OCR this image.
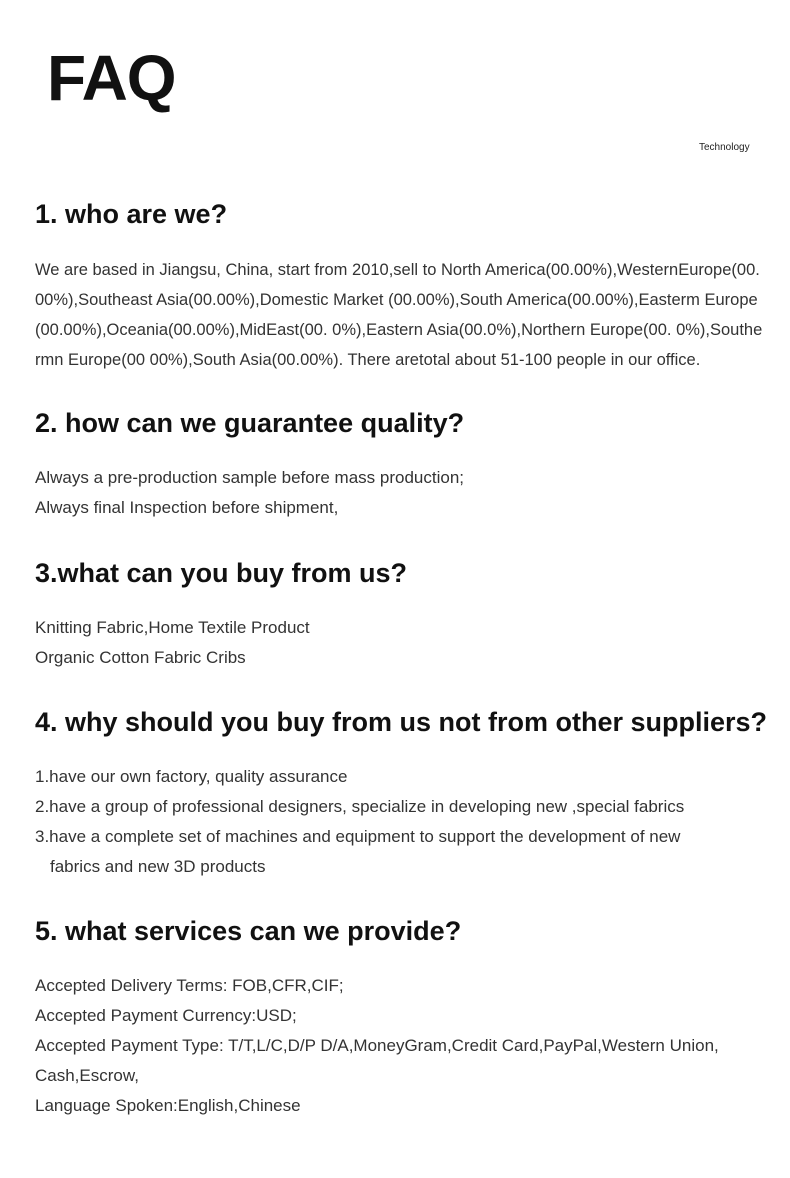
FAQ
Technology
1. who are we?

We are based in Jiangsu, China, start from 2010,sell to North America(00.00%),WesternEurope(00.00%),Southeast Asia(00.00%),Domestic Market (00.00%),South America(00.00%),Easterm Europe(00.00%),Oceania(00.00%),MidEast(00. 0%),Eastern Asia(00.0%),Northern Europe(00. 0%),Southermn Europe(00 00%),South Asia(00.00%). There aretotal about 51-100 people in our office.

2. how can we guarantee quality?
Always a pre-production sample before mass production;
Always final Inspection before shipment,
3.what can you buy from us?
Knitting Fabric,Home Textile Product
Organic Cotton Fabric Cribs
4. why should you buy from us not from other suppliers?
1.have our own factory, quality assurance
2.have a group of professional designers, specialize in developing new ,special fabrics
3.have a complete set of machines and equipment to support the development of new
fabrics and new 3D products
5. what services can we provide?
Accepted Delivery Terms: FOB,CFR,CIF;
Accepted Payment Currency:USD;
Accepted Payment Type: T/T,L/C,D/P D/A,MoneyGram,Credit Card,PayPal,Western Union,
Cash,Escrow,
Language Spoken:English,Chinese
